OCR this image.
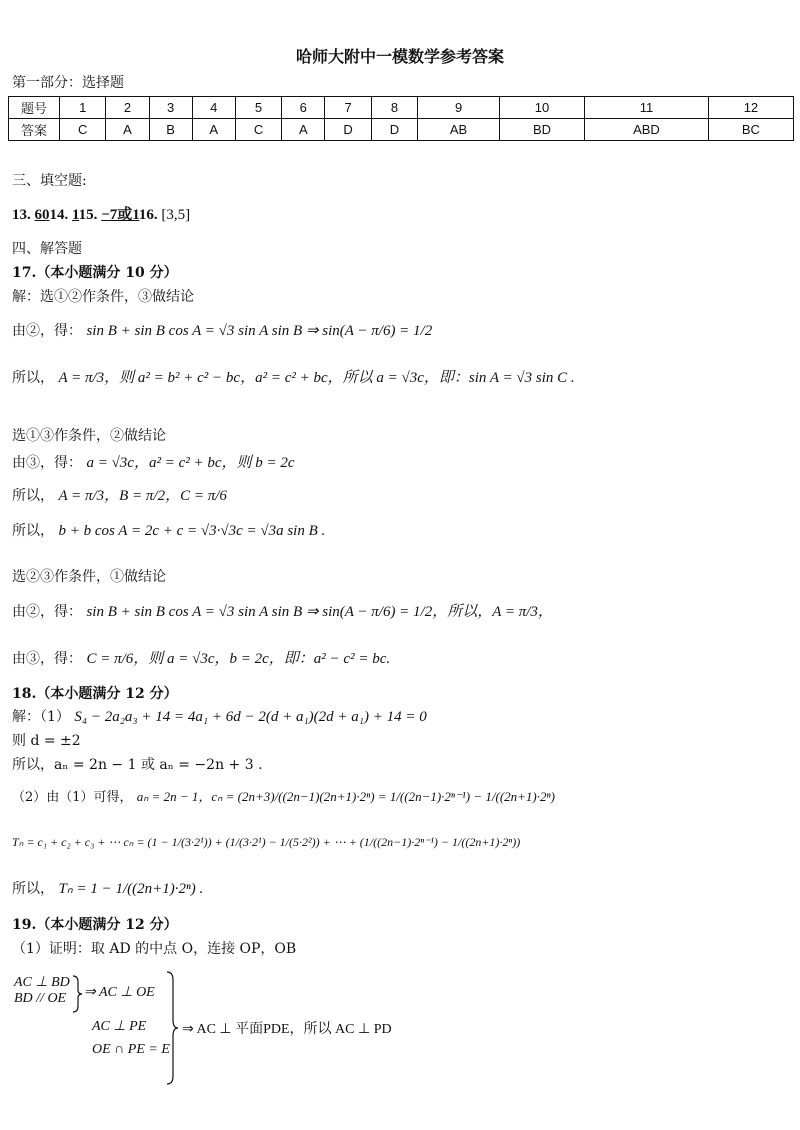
哈师大附中一模数学参考答案
第一部分：选择题
题号	1	2	3	4	5	6	7	8	9	10	11	12
答案	C	A	B	A	C	A	D	D	AB	BD	ABD	BC
三、填空题:
13. 6014. 115. −7或116. [3,5]
四、解答题
17.（本小题满分 10 分）
解：选①②作条件，③做结论
由②，得： sin B + sin B cos A = √3 sin A sin B ⇒ sin(A − π/6) = 1/2
所以， A = π/3，则 a² = b² + c² − bc，a² = c² + bc，所以 a = √3c，即：sin A = √3 sin C .
选①③作条件，②做结论
由③，得： a = √3c，a² = c² + bc，则 b = 2c
所以， A = π/3，B = π/2，C = π/6
所以， b + b cos A = 2c + c = √3·√3c = √3a sin B .
选②③作条件，①做结论
由②，得： sin B + sin B cos A = √3 sin A sin B ⇒ sin(A − π/6) = 1/2，所以，A = π/3，
由③，得： C = π/6，则 a = √3c，b = 2c，即：a² − c² = bc.
18.（本小题满分 12 分）
解：（1） S₄ − 2a₂a₃ + 14 = 4a₁ + 6d − 2(d + a₁)(2d + a₁) + 14 = 0
则 d = ±2
所以，aₙ = 2n − 1 或 aₙ = −2n + 3 .
（2）由（1）可得， aₙ = 2n − 1，cₙ = (2n+3)/((2n−1)(2n+1)·2ⁿ) = 1/((2n−1)·2ⁿ⁻¹) − 1/((2n+1)·2ⁿ)
Tₙ = c₁ + c₂ + c₃ + ⋯ cₙ = (1 − 1/(3·2¹)) + (1/(3·2¹) − 1/(5·2²)) + ⋯ + (1/((2n−1)·2ⁿ⁻¹) − 1/((2n+1)·2ⁿ))
所以， Tₙ = 1 − 1/((2n+1)·2ⁿ) .
19.（本小题满分 12 分）
（1）证明：取 AD 的中点 O，连接 OP，OB
AC ⊥ BD
BD // OE ⇒ AC ⊥ OE
AC ⊥ PE
OE ∩ PE = E
⇒ AC ⊥ 平面PDE，所以 AC ⊥ PD
